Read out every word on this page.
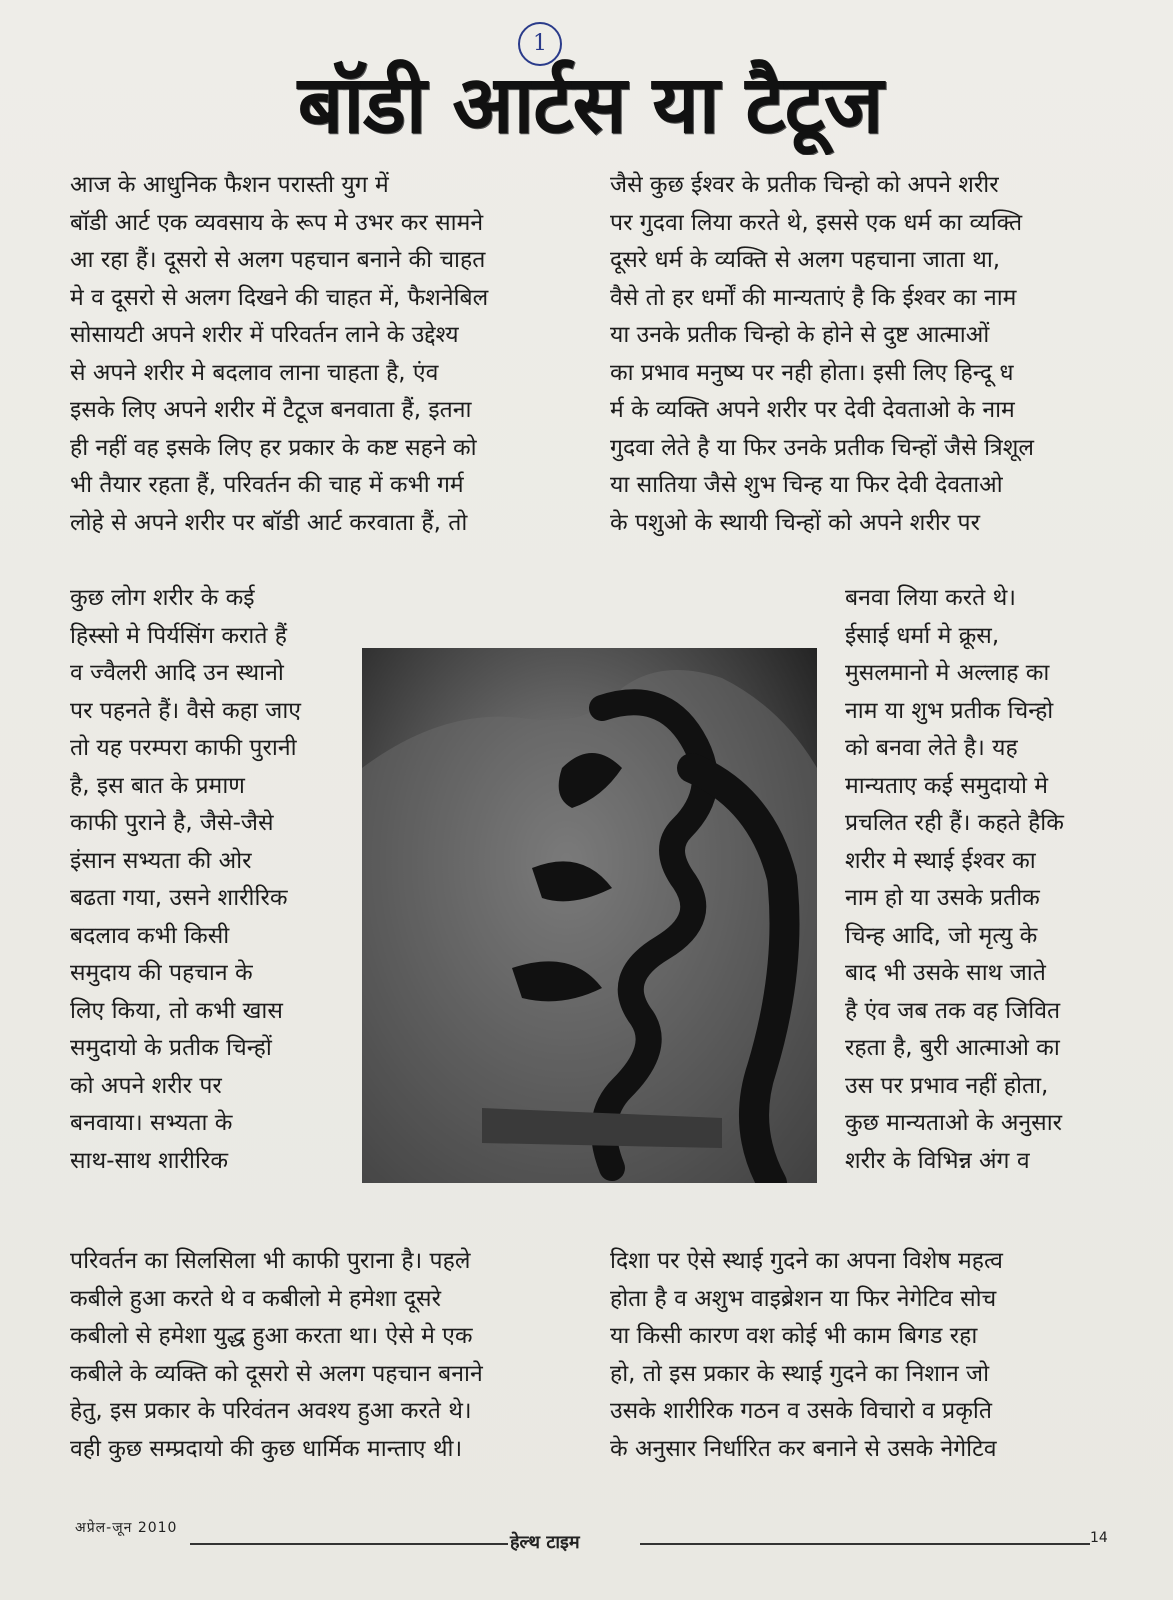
1
बॉडी आर्टस या टैटूज
आज के आधुनिक फैशन परास्ती युग में
बॉडी आर्ट एक व्यवसाय के रूप मे उभर कर सामने
आ रहा हैं। दूसरो से अलग पहचान बनाने की चाहत
मे व दूसरो से अलग दिखने की चाहत में, फैशनेबिल
सोसायटी अपने शरीर में परिवर्तन लाने के उद्देश्य
से अपने शरीर मे बदलाव लाना चाहता है, एंव
इसके लिए अपने शरीर में टैटूज बनवाता हैं, इतना
ही नहीं वह इसके लिए हर प्रकार के कष्ट सहने को
भी तैयार रहता हैं, परिवर्तन की चाह में कभी गर्म
लोहे से अपने शरीर पर बॉडी आर्ट करवाता हैं, तो
जैसे कुछ ईश्वर के प्रतीक चिन्हो को अपने शरीर
पर गुदवा लिया करते थे, इससे एक धर्म का व्यक्ति
दूसरे धर्म के व्यक्ति से अलग पहचाना जाता था,
वैसे तो हर धर्मों की मान्यताएं है कि ईश्वर का नाम
या उनके प्रतीक चिन्हो के होने से दुष्ट आत्माओं
का प्रभाव मनुष्य पर नही होता। इसी लिए हिन्दू ध
र्म के व्यक्ति अपने शरीर पर देवी देवताओ के नाम
गुदवा लेते है या फिर उनके प्रतीक चिन्हों जैसे त्रिशूल
या सातिया जैसे शुभ चिन्ह या फिर देवी देवताओ
के पशुओ के स्थायी चिन्हों को अपने शरीर पर
कुछ लोग शरीर के कई
हिस्सो मे पिर्यसिंग कराते हैं
व ज्वैलरी आदि उन स्थानो
पर पहनते हैं। वैसे कहा जाए
तो यह परम्परा काफी पुरानी
है, इस बात के प्रमाण
काफी पुराने है, जैसे-जैसे
इंसान सभ्यता की ओर
बढता गया, उसने शारीरिक
बदलाव कभी किसी
समुदाय की पहचान के
लिए किया, तो कभी खास
समुदायो के प्रतीक चिन्हों
को अपने शरीर पर
बनवाया। सभ्यता के
साथ-साथ शारीरिक
बनवा लिया करते थे।
ईसाई धर्मा मे क्रूस,
मुसलमानो मे अल्लाह का
नाम या शुभ प्रतीक चिन्हो
को बनवा लेते है। यह
मान्यताए कई समुदायो मे
प्रचलित रही हैं। कहते हैकि
शरीर मे स्थाई ईश्वर का
नाम हो या उसके प्रतीक
चिन्ह आदि, जो मृत्यु के
बाद भी उसके साथ जाते
है एंव जब तक वह जिवित
रहता है, बुरी आत्माओ का
उस पर प्रभाव नहीं होता,
कुछ मान्यताओ के अनुसार
शरीर के विभिन्न अंग व
परिवर्तन का सिलसिला भी काफी पुराना है। पहले
कबीले हुआ करते थे व कबीलो मे हमेशा दूसरे
कबीलो से हमेशा युद्ध हुआ करता था। ऐसे मे एक
कबीले के व्यक्ति को दूसरो से अलग पहचान बनाने
हेतु, इस प्रकार के परिवंतन अवश्य हुआ करते थे।
वही कुछ सम्प्रदायो की कुछ धार्मिक मान्ताए थी।
दिशा पर ऐसे स्थाई गुदने का अपना विशेष महत्व
होता है व अशुभ वाइब्रेशन या फिर नेगेटिव सोच
या किसी कारण वश कोई भी काम बिगड रहा
हो, तो इस प्रकार के स्थाई गुदने का निशान जो
उसके शारीरिक गठन व उसके विचारो व प्रकृति
के अनुसार निर्धारित कर बनाने से उसके नेगेटिव
अप्रेल-जून 2010
हेल्थ टाइम	14
